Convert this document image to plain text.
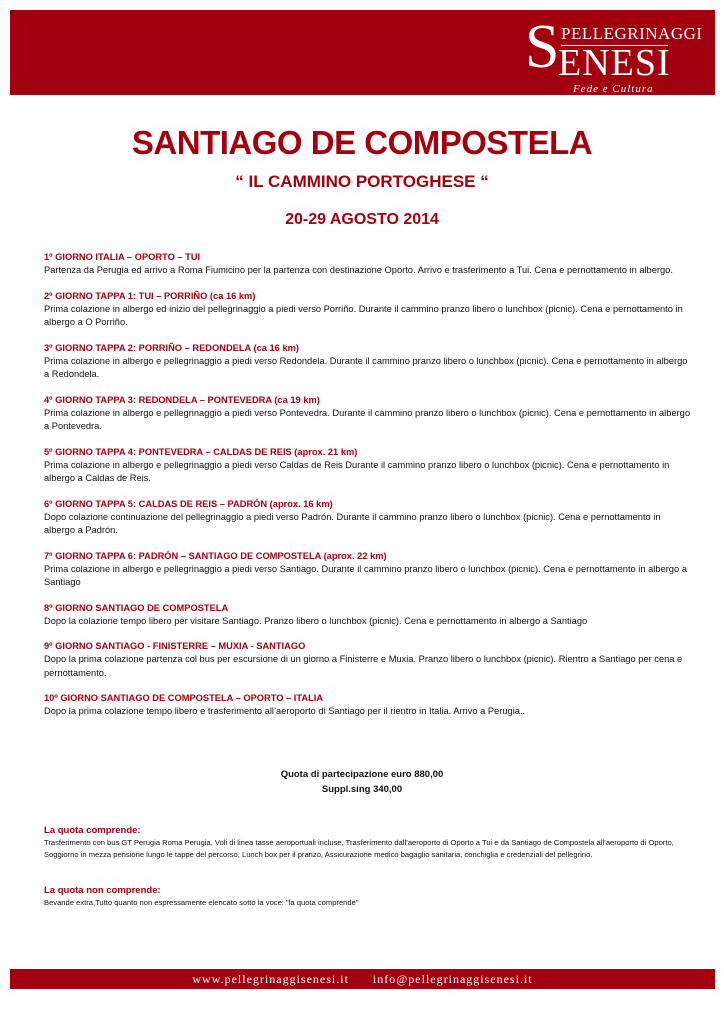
S PELLEGRINAGGI
ENESI
Fede e Cultura
SANTIAGO DE COMPOSTELA
“ IL CAMMINO PORTOGHESE “
20-29 AGOSTO 2014
1º GIORNO ITALIA – OPORTO – TUI
Partenza da Perugia ed arrivo a Roma Fiumicino per la partenza con destinazione Oporto. Arrivo e trasferimento a Tui. Cena e pernottamento in albergo.
2º GIORNO TAPPA 1: TUI – PORRIÑO (ca 16 km)
Prima colazione in albergo ed inizio del pellegrinaggio a piedi verso Porriño. Durante il cammino pranzo libero o lunchbox (picnic). Cena e pernottamento in albergo a O Porriño.
3º GIORNO TAPPA 2: PORRIÑO – REDONDELA (ca 16 km)
Prima colazione in albergo e pellegrinaggio a piedi verso Redondela. Durante il cammino pranzo libero o lunchbox (picnic). Cena e pernottamento in albergo a Redondela.
4º GIORNO TAPPA 3: REDONDELA – PONTEVEDRA (ca 19 km)
Prima colazione in albergo e pellegrinaggio a piedi verso Pontevedra. Durante il cammino pranzo libero o lunchbox (picnic). Cena e pernottamento in albergo a Pontevedra.
5º GIORNO TAPPA 4: PONTEVEDRA – CALDAS DE REIS (aprox. 21 km)
Prima colazione in albergo e pellegrinaggio a piedi verso Caldas de Reis Durante il cammino pranzo libero o lunchbox (picnic). Cena e pernottamento in albergo a Caldas de Reis.
6º GIORNO TAPPA 5: CALDAS DE REIS – PADRÓN (aprox. 16 km)
Dopo colazione continuazione del pellegrinaggio a piedi verso Padrón. Durante il cammino pranzo libero o lunchbox (picnic). Cena e pernottamento in albergo a Padrón.
7º GIORNO TAPPA 6: PADRÓN – SANTIAGO DE COMPOSTELA (aprox. 22 km)
Prima colazione in albergo e pellegrinaggio a piedi verso Santiago. Durante il cammino pranzo libero o lunchbox (picnic). Cena e pernottamento in albergo a Santiago
8º GIORNO SANTIAGO DE COMPOSTELA
Dopo la colazione tempo libero per visitare Santiago. Pranzo libero o lunchbox (picnic). Cena e pernottamento in albergo a Santiago
9º GIORNO SANTIAGO - FINISTERRE – MUXIA - SANTIAGO
Dopo la prima colazione partenza col bus per escursione di un giorno a Finisterre e Muxia. Pranzo libero o lunchbox (picnic). Rientro a Santiago per cena e pernottamento.
10º GIORNO SANTIAGO DE COMPOSTELA – OPORTO – ITALIA
Dopo la prima colazione tempo libero e trasferimento all’aeroporto di Santiago per il rientro in Italia. Arrivo a Perugia..
Quota di partecipazione euro 880,00
Suppl.sing 340,00
La quota comprende:
Trasferimento con bus GT Perugia Roma Perugia, Voli di linea tasse aeroportuali incluse, Trasferimento dall’aeroporto di Oporto a Tui e da Santiago de Compostela all’aeroporto di Oporto, Soggiorno in mezza pensione lungo le tappe del percorso, Lunch box per il pranzo, Assicurazione medico bagaglio sanitaria, conchiglia e credenziali del pellegrino.
La quota non comprende:
Bevande extra,Tutto quanto non espressamente elencato sotto la voce: "la quota comprende"
www.pellegrinaggisenesi.it info@pellegrinaggisenesi.it
